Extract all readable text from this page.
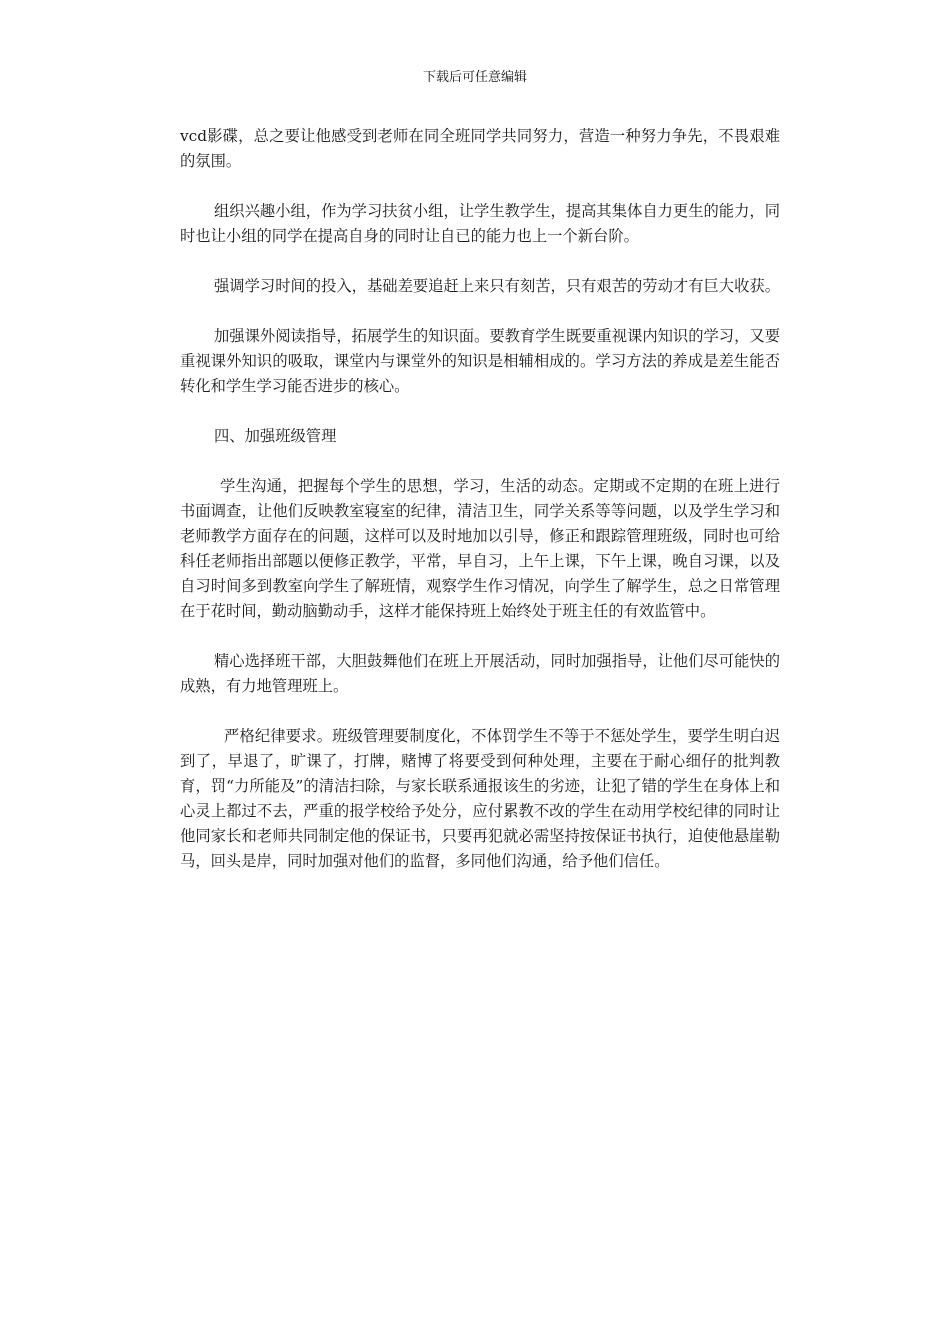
下载后可任意编辑

vcd影碟，总之要让他感受到老师在同全班同学共同努力，营造一种努力争先，不畏艰难的氛围。

组织兴趣小组，作为学习扶贫小组，让学生教学生，提高其集体自力更生的能力，同时也让小组的同学在提高自身的同时让自已的能力也上一个新台阶。

强调学习时间的投入，基础差要追赶上来只有刻苦，只有艰苦的劳动才有巨大收获。

加强课外阅读指导，拓展学生的知识面。要教育学生既要重视课内知识的学习，又要重视课外知识的吸取，课堂内与课堂外的知识是相辅相成的。学习方法的养成是差生能否转化和学生学习能否进步的核心。

四、加强班级管理

学生沟通，把握每个学生的思想，学习，生活的动态。定期或不定期的在班上进行书面调查，让他们反映教室寝室的纪律，清洁卫生，同学关系等等问题，以及学生学习和老师教学方面存在的问题，这样可以及时地加以引导，修正和跟踪管理班级，同时也可给科任老师指出部题以便修正教学，平常，早自习，上午上课，下午上课，晚自习课，以及自习时间多到教室向学生了解班情，观察学生作习情况，向学生了解学生，总之日常管理在于花时间，勤动脑勤动手，这样才能保持班上始终处于班主任的有效监管中。

精心选择班干部，大胆鼓舞他们在班上开展活动，同时加强指导，让他们尽可能快的成熟，有力地管理班上。

严格纪律要求。班级管理要制度化，不体罚学生不等于不惩处学生，要学生明白迟到了，早退了，旷课了，打牌，赌博了将要受到何种处理，主要在于耐心细仔的批判教育，罚“力所能及”的清洁扫除，与家长联系通报该生的劣迹，让犯了错的学生在身体上和心灵上都过不去，严重的报学校给予处分，应付累教不改的学生在动用学校纪律的同时让他同家长和老师共同制定他的保证书，只要再犯就必需坚持按保证书执行，迫使他悬崖勒马，回头是岸，同时加强对他们的监督，多同他们沟通，给予他们信任。
